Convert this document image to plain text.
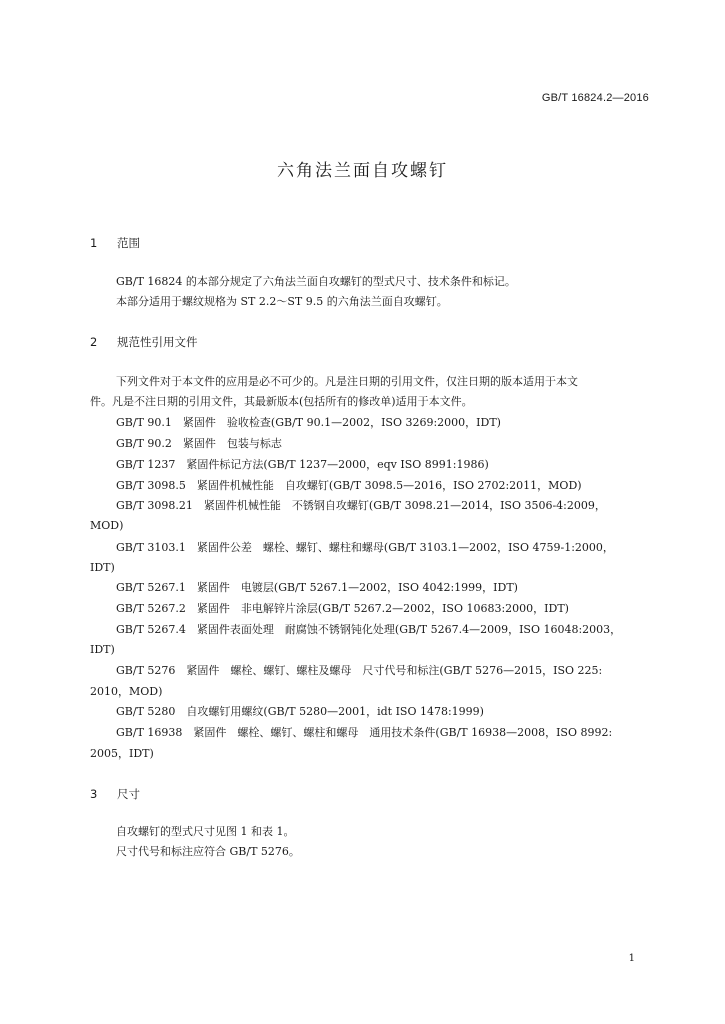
GB/T 16824.2—2016
六角法兰面自攻螺钉
1 范围
GB/T 16824 的本部分规定了六角法兰面自攻螺钉的型式尺寸、技术条件和标记。
本部分适用于螺纹规格为 ST 2.2～ST 9.5 的六角法兰面自攻螺钉。
2 规范性引用文件
下列文件对于本文件的应用是必不可少的。凡是注日期的引用文件，仅注日期的版本适用于本文
件。凡是不注日期的引用文件，其最新版本(包括所有的修改单)适用于本文件。
GB/T 90.1　紧固件　验收检查(GB/T 90.1—2002，ISO 3269:2000，IDT)
GB/T 90.2　紧固件　包装与标志
GB/T 1237　紧固件标记方法(GB/T 1237—2000，eqv ISO 8991:1986)
GB/T 3098.5　紧固件机械性能　自攻螺钉(GB/T 3098.5—2016，ISO 2702:2011，MOD)
GB/T 3098.21　紧固件机械性能　不锈钢自攻螺钉(GB/T 3098.21—2014，ISO 3506-4:2009，
MOD)
GB/T 3103.1　紧固件公差　螺栓、螺钉、螺柱和螺母(GB/T 3103.1—2002，ISO 4759-1:2000，
IDT)
GB/T 5267.1　紧固件　电镀层(GB/T 5267.1—2002，ISO 4042:1999，IDT)
GB/T 5267.2　紧固件　非电解锌片涂层(GB/T 5267.2—2002，ISO 10683:2000，IDT)
GB/T 5267.4　紧固件表面处理　耐腐蚀不锈钢钝化处理(GB/T 5267.4—2009，ISO 16048:2003，
IDT)
GB/T 5276　紧固件　螺栓、螺钉、螺柱及螺母　尺寸代号和标注(GB/T 5276—2015，ISO 225:
2010，MOD)
GB/T 5280　自攻螺钉用螺纹(GB/T 5280—2001，idt ISO 1478:1999)
GB/T 16938　紧固件　螺栓、螺钉、螺柱和螺母　通用技术条件(GB/T 16938—2008，ISO 8992:
2005，IDT)
3 尺寸
自攻螺钉的型式尺寸见图 1 和表 1。
尺寸代号和标注应符合 GB/T 5276。
1
